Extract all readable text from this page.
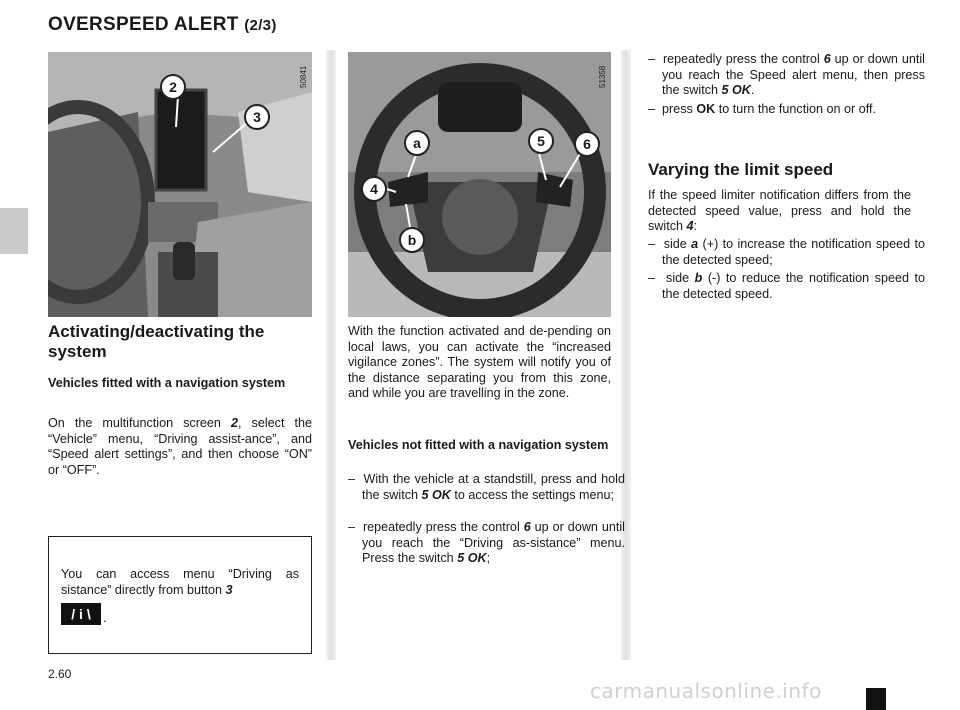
OVERSPEED ALERT (2/3)
2
3
50841
a	5	6
4
b
51358
Activating/deactivating the system
Vehicles fitted with a navigation system
On the multifunction screen 2, select the “Vehicle” menu, “Driving assist-ance”, and “Speed alert settings”, and then choose “ON” or “OFF”.
You can access menu “Driving as sistance” directly from button 3
/ i \ .
With the function activated and de-pending on local laws, you can activate the “increased vigilance zones”. The system will notify you of the distance separating you from this zone, and while you are travelling in the zone.
Vehicles not fitted with a navigation system
–  With the vehicle at a standstill, press and hold the switch 5 OK to access the settings menu;
–  repeatedly press the control 6 up or down until you reach the “Driving as-sistance” menu. Press the switch 5 OK;
–  repeatedly press the control 6 up or down until you reach the Speed alert menu, then press the switch 5 OK.
–  press OK to turn the function on or off.
Varying the limit speed
If the speed limiter notification differs from the detected speed value, press and hold the switch 4:
–  side a (+) to increase the notification speed to the detected speed;
–  side b (-) to reduce the notification speed to the detected speed.
2.60
carmanualsonline.info
